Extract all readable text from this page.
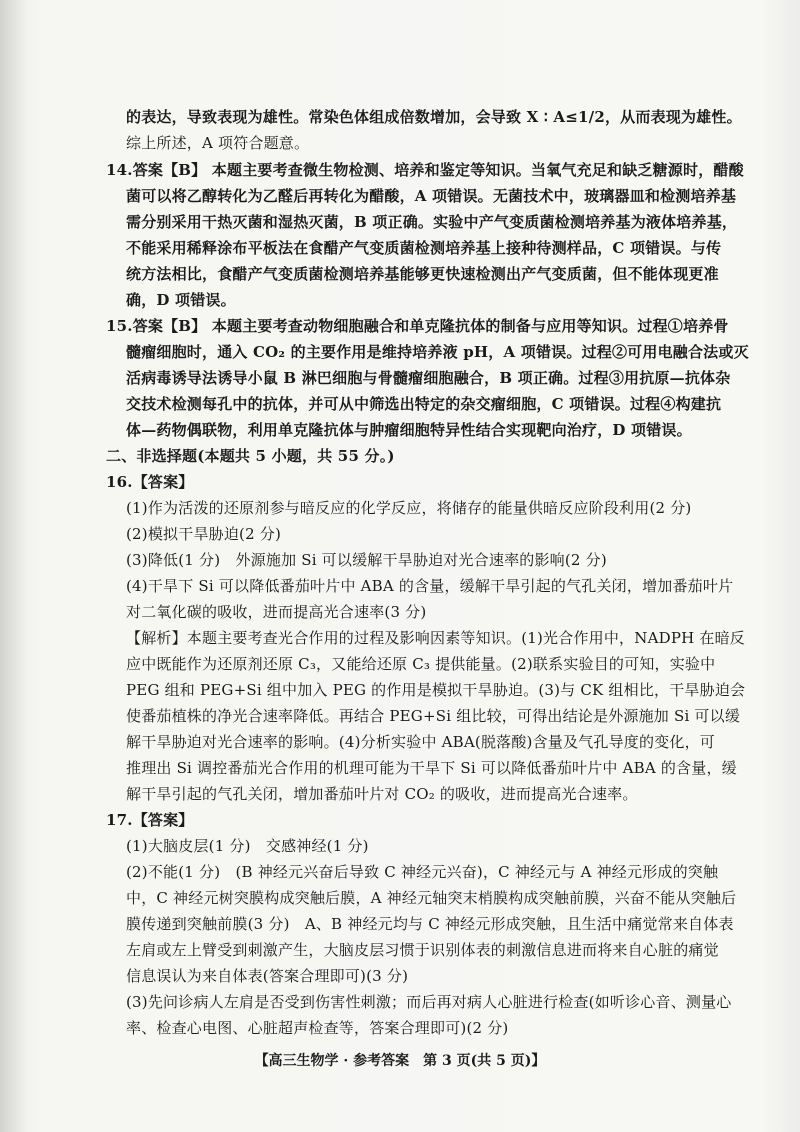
的表达，导致表现为雄性。常染色体组成倍数增加，会导致 X ∶ A≤1/2，从而表现为雄性。
综上所述，A 项符合题意。
14.答案【B】 本题主要考查微生物检测、培养和鉴定等知识。当氧气充足和缺乏糖源时，醋酸
菌可以将乙醇转化为乙醛后再转化为醋酸，A 项错误。无菌技术中，玻璃器皿和检测培养基
需分别采用干热灭菌和湿热灭菌，B 项正确。实验中产气变质菌检测培养基为液体培养基，
不能采用稀释涂布平板法在食醋产气变质菌检测培养基上接种待测样品，C 项错误。与传
统方法相比，食醋产气变质菌检测培养基能够更快速检测出产气变质菌，但不能体现更准
确，D 项错误。
15.答案【B】 本题主要考查动物细胞融合和单克隆抗体的制备与应用等知识。过程①培养骨
髓瘤细胞时，通入 CO₂ 的主要作用是维持培养液 pH，A 项错误。过程②可用电融合法或灭
活病毒诱导法诱导小鼠 B 淋巴细胞与骨髓瘤细胞融合，B 项正确。过程③用抗原—抗体杂
交技术检测每孔中的抗体，并可从中筛选出特定的杂交瘤细胞，C 项错误。过程④构建抗
体—药物偶联物，利用单克隆抗体与肿瘤细胞特异性结合实现靶向治疗，D 项错误。
二、非选择题(本题共 5 小题，共 55 分。)
16.【答案】
(1)作为活泼的还原剂参与暗反应的化学反应，将储存的能量供暗反应阶段利用(2 分)
(2)模拟干旱胁迫(2 分)
(3)降低(1 分)　外源施加 Si 可以缓解干旱胁迫对光合速率的影响(2 分)
(4)干旱下 Si 可以降低番茄叶片中 ABA 的含量，缓解干旱引起的气孔关闭，增加番茄叶片
对二氧化碳的吸收，进而提高光合速率(3 分)
【解析】本题主要考查光合作用的过程及影响因素等知识。(1)光合作用中，NADPH 在暗反
应中既能作为还原剂还原 C₃，又能给还原 C₃ 提供能量。(2)联系实验目的可知，实验中
PEG 组和 PEG+Si 组中加入 PEG 的作用是模拟干旱胁迫。(3)与 CK 组相比，干旱胁迫会
使番茄植株的净光合速率降低。再结合 PEG+Si 组比较，可得出结论是外源施加 Si 可以缓
解干旱胁迫对光合速率的影响。(4)分析实验中 ABA(脱落酸)含量及气孔导度的变化，可
推理出 Si 调控番茄光合作用的机理可能为干旱下 Si 可以降低番茄叶片中 ABA 的含量，缓
解干旱引起的气孔关闭，增加番茄叶片对 CO₂ 的吸收，进而提高光合速率。
17.【答案】
(1)大脑皮层(1 分)　交感神经(1 分)
(2)不能(1 分)　(B 神经元兴奋后导致 C 神经元兴奋)，C 神经元与 A 神经元形成的突触
中，C 神经元树突膜构成突触后膜，A 神经元轴突末梢膜构成突触前膜，兴奋不能从突触后
膜传递到突触前膜(3 分)　A、B 神经元均与 C 神经元形成突触，且生活中痛觉常来自体表
左肩或左上臂受到刺激产生，大脑皮层习惯于识别体表的刺激信息进而将来自心脏的痛觉
信息误认为来自体表(答案合理即可)(3 分)
(3)先问诊病人左肩是否受到伤害性刺激；而后再对病人心脏进行检查(如听诊心音、测量心
率、检查心电图、心脏超声检查等，答案合理即可)(2 分)
【高三生物学 · 参考答案　第 3 页(共 5 页)】
